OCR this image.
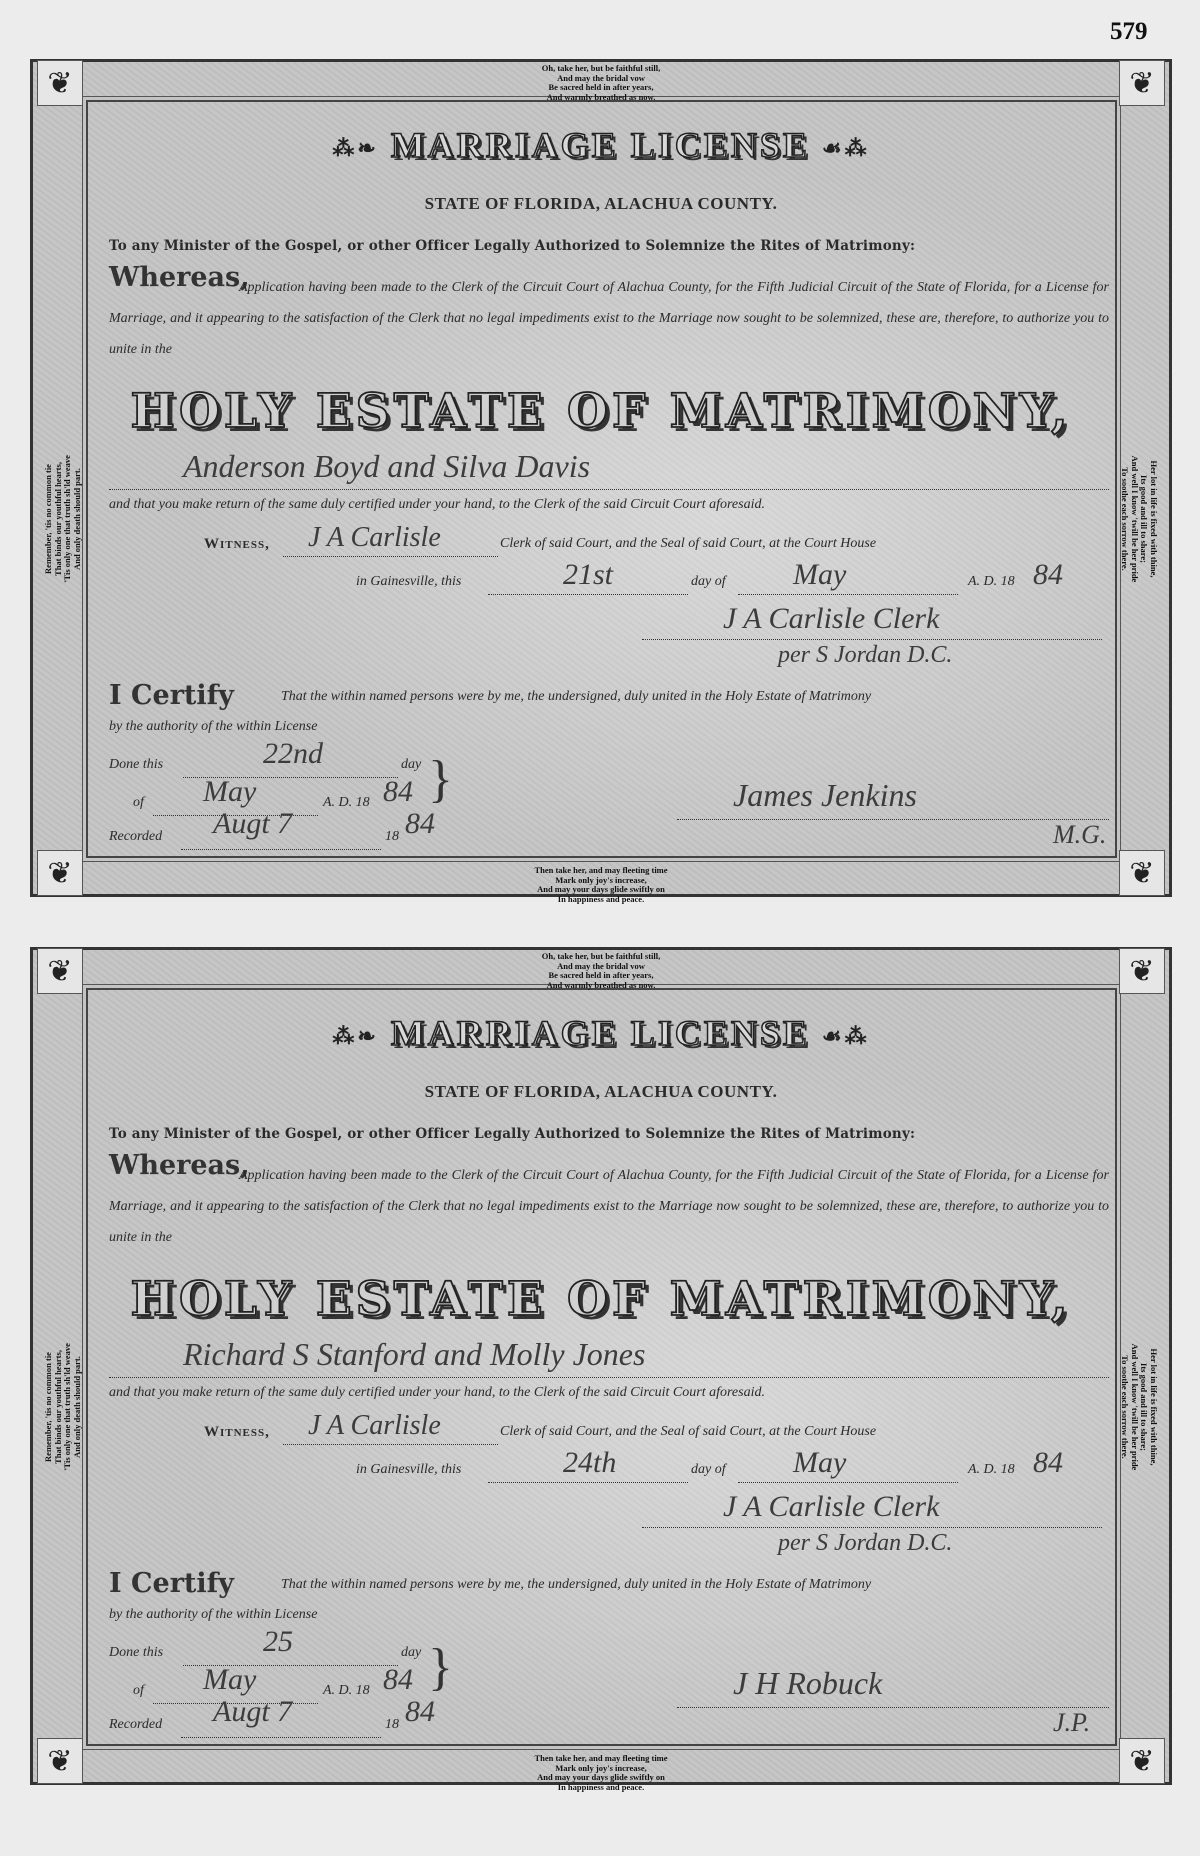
579
❦	❦
❦	❦
Oh, take her, but be faithful still,
And may the bridal vow
Be sacred held in after years,
And warmly breathed as now.
Remember, 'tis no common tie That binds our youthful hearts, 'Tis only one that truth sh'ld weave And only death should part.	Her lot in life is fixed with thine,
Its good and ill to share;
And well I know 'twill be her pride
To soothe each sorrow there.
⁂❧ MARRIAGE LICENSE ☙⁂
STATE OF FLORIDA, ALACHUA COUNTY.
To any Minister of the Gospel, or other Officer Legally Authorized to Solemnize the Rites of Matrimony:
Whereas,
Application having been made to the Clerk of the Circuit Court of Alachua County, for the Fifth Judicial Circuit of the State of Florida, for a License for Marriage, and it appearing to the satisfaction of the Clerk that no legal impediments exist to the Marriage now sought to be solemnized, these are, therefore, to authorize you to unite in the
HOLY ESTATE OF MATRIMONY,
Anderson Boyd and Silva Davis
and that you make return of the same duly certified under your hand, to the Clerk of the said Circuit Court aforesaid.
Witness, J A Carlisle	Clerk of said Court, and the Seal of said Court, at the Court House
in Gainesville, this	21st	day of May	A. D. 18 84
J A Carlisle Clerk
per S Jordan D.C.
I Certify	That the within named persons were by me, the undersigned, duly united in the Holy Estate of Matrimony
by the authority of the within License
Done this	22nd	day }
of May	A. D. 18 84
Recorded Augt 7	18 84
James Jenkins
M.G.
Then take her, and may fleeting time
Mark only joy's increase,
And may your days glide swiftly on
In happiness and peace.
❦	❦
❦	❦
Oh, take her, but be faithful still,
And may the bridal vow
Be sacred held in after years,
And warmly breathed as now.
Remember, 'tis no common tie That binds our youthful hearts, 'Tis only one that truth sh'ld weave And only death should part.	Her lot in life is fixed with thine,
Its good and ill to share;
And well I know 'twill be her pride
To soothe each sorrow there.
⁂❧ MARRIAGE LICENSE ☙⁂
STATE OF FLORIDA, ALACHUA COUNTY.
To any Minister of the Gospel, or other Officer Legally Authorized to Solemnize the Rites of Matrimony:
Whereas,
Application having been made to the Clerk of the Circuit Court of Alachua County, for the Fifth Judicial Circuit of the State of Florida, for a License for Marriage, and it appearing to the satisfaction of the Clerk that no legal impediments exist to the Marriage now sought to be solemnized, these are, therefore, to authorize you to unite in the
HOLY ESTATE OF MATRIMONY,
Richard S Stanford and Molly Jones
and that you make return of the same duly certified under your hand, to the Clerk of the said Circuit Court aforesaid.
Witness, J A Carlisle	Clerk of said Court, and the Seal of said Court, at the Court House
in Gainesville, this	24th	day of May	A. D. 18 84
J A Carlisle Clerk
per S Jordan D.C.
I Certify	That the within named persons were by me, the undersigned, duly united in the Holy Estate of Matrimony
by the authority of the within License
Done this	25	day }
of May	A. D. 18 84
Recorded Augt 7	18 84
J H Robuck
J.P.
Then take her, and may fleeting time
Mark only joy's increase,
And may your days glide swiftly on
In happiness and peace.
